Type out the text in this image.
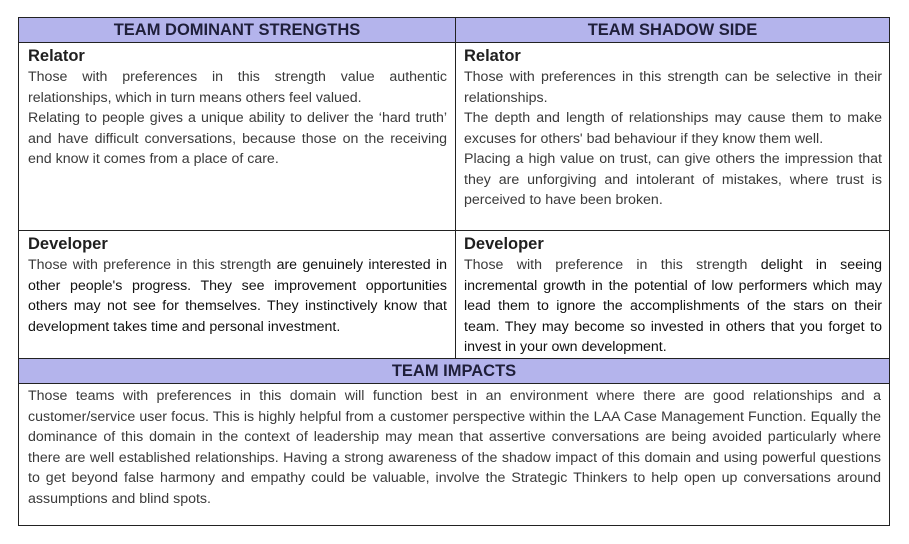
TEAM DOMINANT STRENGTHS	TEAM SHADOW SIDE

Relator

Those with preferences in this strength value authentic relationships, which in turn means others feel valued.

Relating to people gives a unique ability to deliver the ‘hard truth’ and have difficult conversations, because those on the receiving end know it comes from a place of care.

Relator

Those with preferences in this strength can be selective in their relationships.

The depth and length of relationships may cause them to make excuses for others' bad behaviour if they know them well.

Placing a high value on trust, can give others the impression that they are unforgiving and intolerant of mistakes, where trust is perceived to have been broken.

Developer

Those with preference in this strength are genuinely interested in other people's progress. They see improvement opportunities others may not see for themselves. They instinctively know that development takes time and personal investment.

Developer

Those with preference in this strength delight in seeing incremental growth in the potential of low performers which may lead them to ignore the accomplishments of the stars on their team. They may become so invested in others that you forget to invest in your own development.

TEAM IMPACTS

Those teams with preferences in this domain will function best in an environment where there are good relationships and a customer/service user focus. This is highly helpful from a customer perspective within the LAA Case Management Function. Equally the dominance of this domain in the context of leadership may mean that assertive conversations are being avoided particularly where there are well established relationships. Having a strong awareness of the shadow impact of this domain and using powerful questions to get beyond false harmony and empathy could be valuable, involve the Strategic Thinkers to help open up conversations around assumptions and blind spots.
